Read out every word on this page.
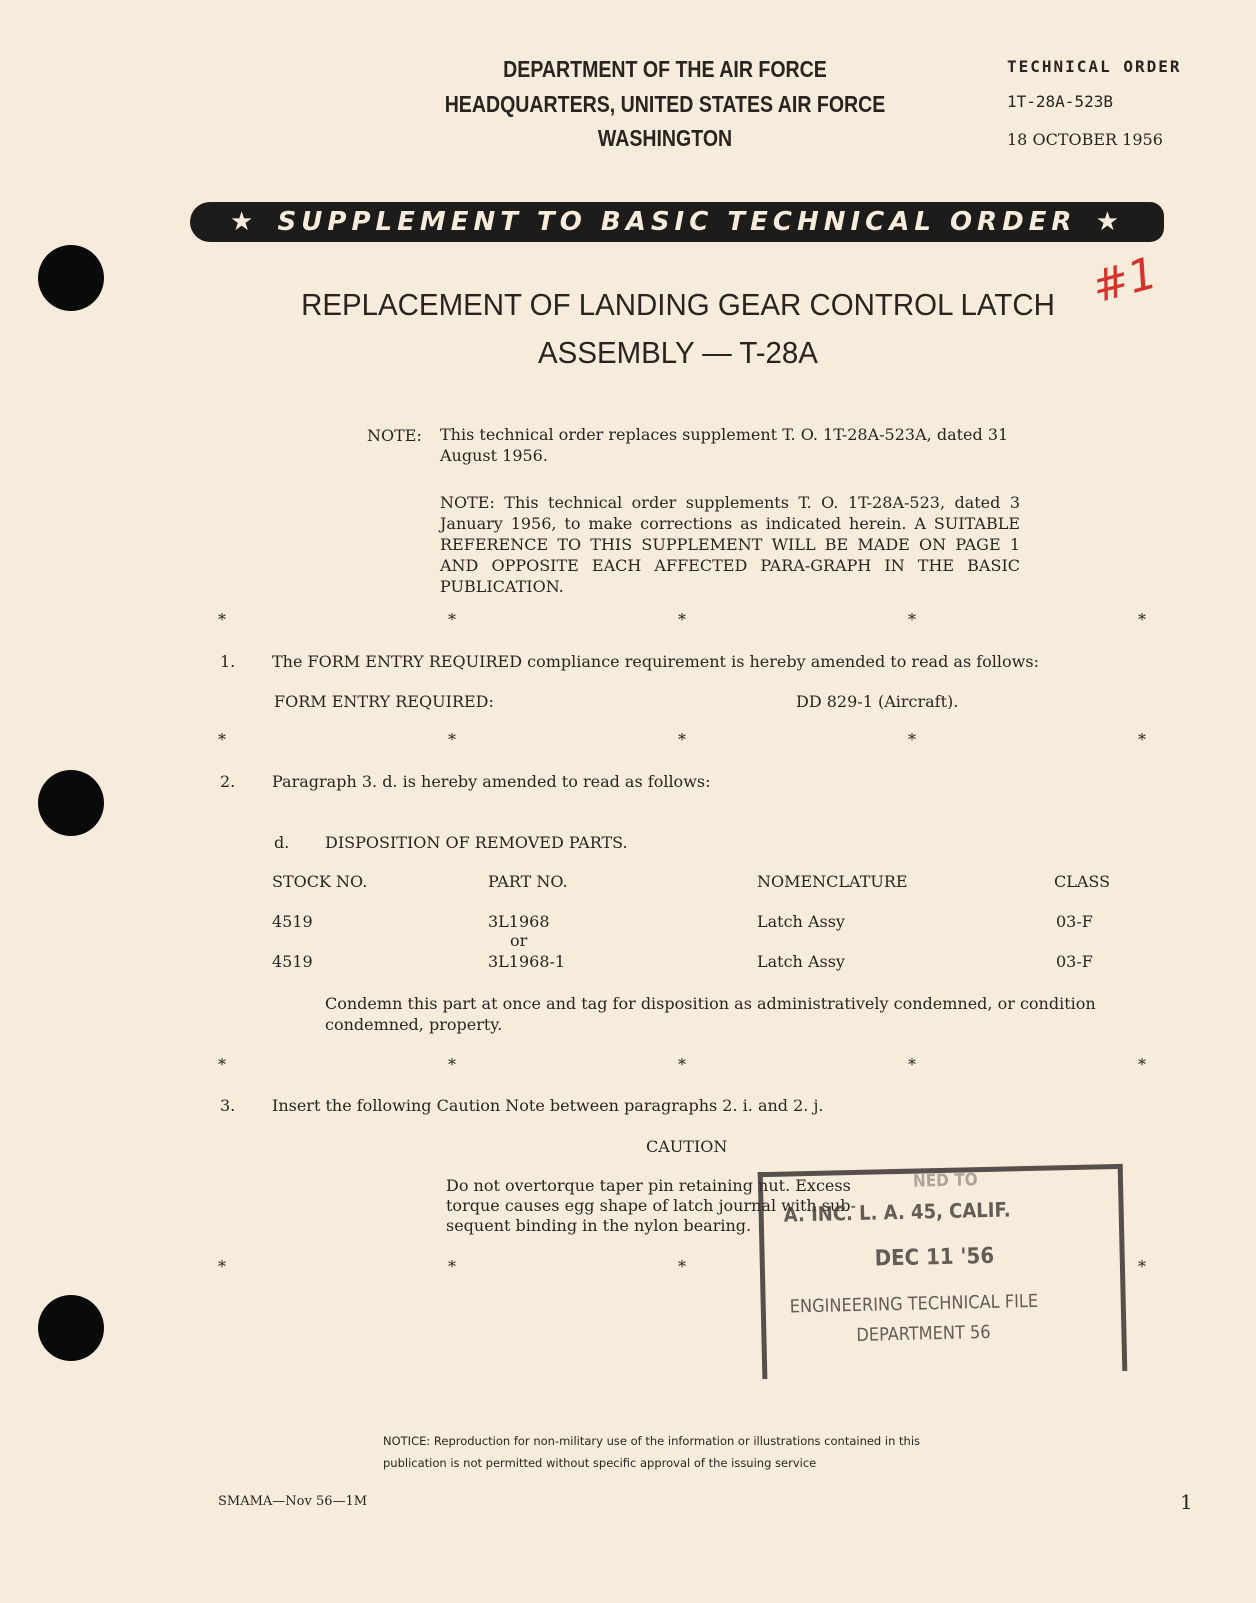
DEPARTMENT OF THE AIR FORCE
HEADQUARTERS, UNITED STATES AIR FORCE
WASHINGTON
TECHNICAL ORDER
1T-28A-523B
18 OCTOBER 1956
★ SUPPLEMENT TO BASIC TECHNICAL ORDER ★
REPLACEMENT OF LANDING GEAR CONTROL LATCH
ASSEMBLY — T-28A
#1
NOTE: This technical order replaces supplement T. O. 1T-28A-523A, dated 31 August 1956.
NOTE: This technical order supplements T. O. 1T-28A-523, dated 3 January 1956, to make corrections as indicated herein. A SUITABLE REFERENCE TO THIS SUPPLEMENT WILL BE MADE ON PAGE 1 AND OPPOSITE EACH AFFECTED PARA-GRAPH IN THE BASIC PUBLICATION.
*	*	*	*	*
1. The FORM ENTRY REQUIRED compliance requirement is hereby amended to read as follows:
FORM ENTRY REQUIRED:	DD 829-1 (Aircraft).
*	*	*	*	*
2. Paragraph 3. d. is hereby amended to read as follows:
d. DISPOSITION OF REMOVED PARTS.
STOCK NO.	PART NO.	NOMENCLATURE	CLASS
4519	3L1968	Latch Assy	03-F
or
4519	3L1968-1	Latch Assy	03-F
Condemn this part at once and tag for disposition as administratively condemned, or condition condemned, property.
*	*	*	*	*
3. Insert the following Caution Note between paragraphs 2. i. and 2. j.
CAUTION
Do not overtorque taper pin retaining nut. Excess
torque causes egg shape of latch journal with sub-
sequent binding in the nylon bearing.
*	*	*	*
NED TO
A. INC. L. A. 45, CALIF.
DEC 11 '56
ENGINEERING TECHNICAL FILE
DEPARTMENT 56
NOTICE: Reproduction for non-military use of the information or illustrations contained in this
publication is not permitted without specific approval of the issuing service
SMAMA—Nov 56—1M	1
